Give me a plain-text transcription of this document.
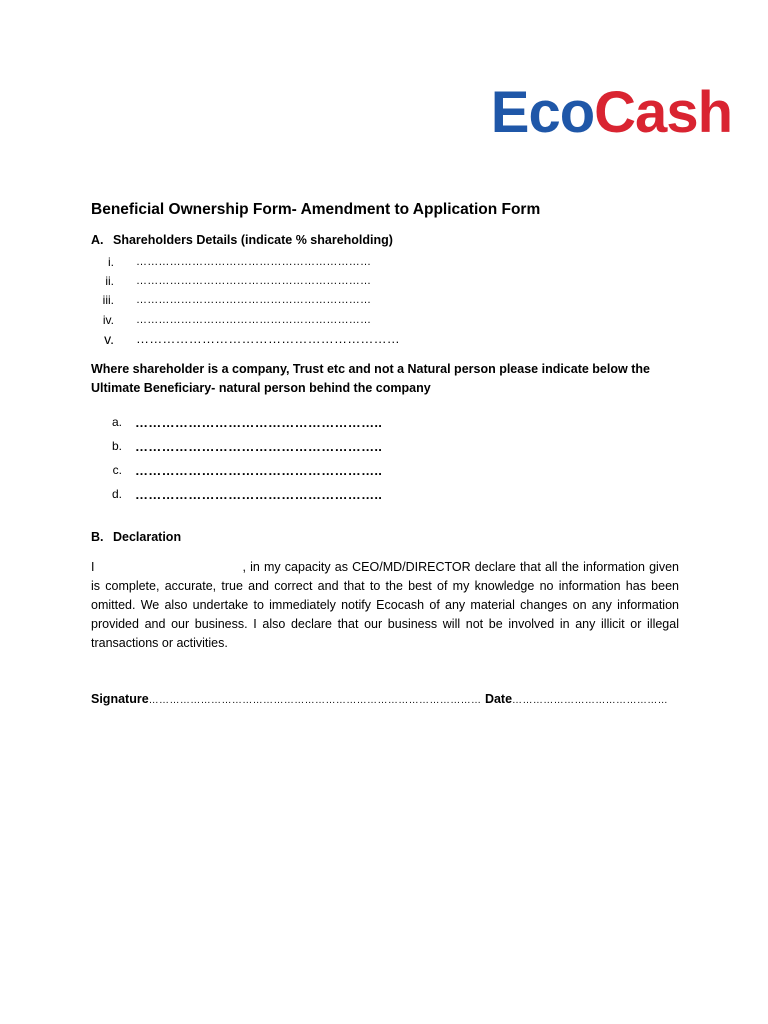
EcoCash
Beneficial Ownership Form- Amendment to Application Form
A. Shareholders Details (indicate % shareholding)
i. ………………………………………………………
ii. ………………………………………………………
iii. ………………………………………………………
iv. ………………………………………………………
v. ……………………………………………………
Where shareholder is a company, Trust etc and not a Natural person please indicate below the Ultimate Beneficiary- natural person behind the company
a. ………………………………………………..
b. ………………………………………………..
c. ………………………………………………..
d. ………………………………………………..
B. Declaration
I	, in my capacity as CEO/MD/DIRECTOR declare that all the information given is complete, accurate, true and correct and that to the best of my knowledge no information has been omitted. We also undertake to immediately notify Ecocash of any material changes on any information provided and our business. I also declare that our business will not be involved in any illicit or illegal transactions or activities.
Signature…………………………………………………………………………………… Date………………………………………
